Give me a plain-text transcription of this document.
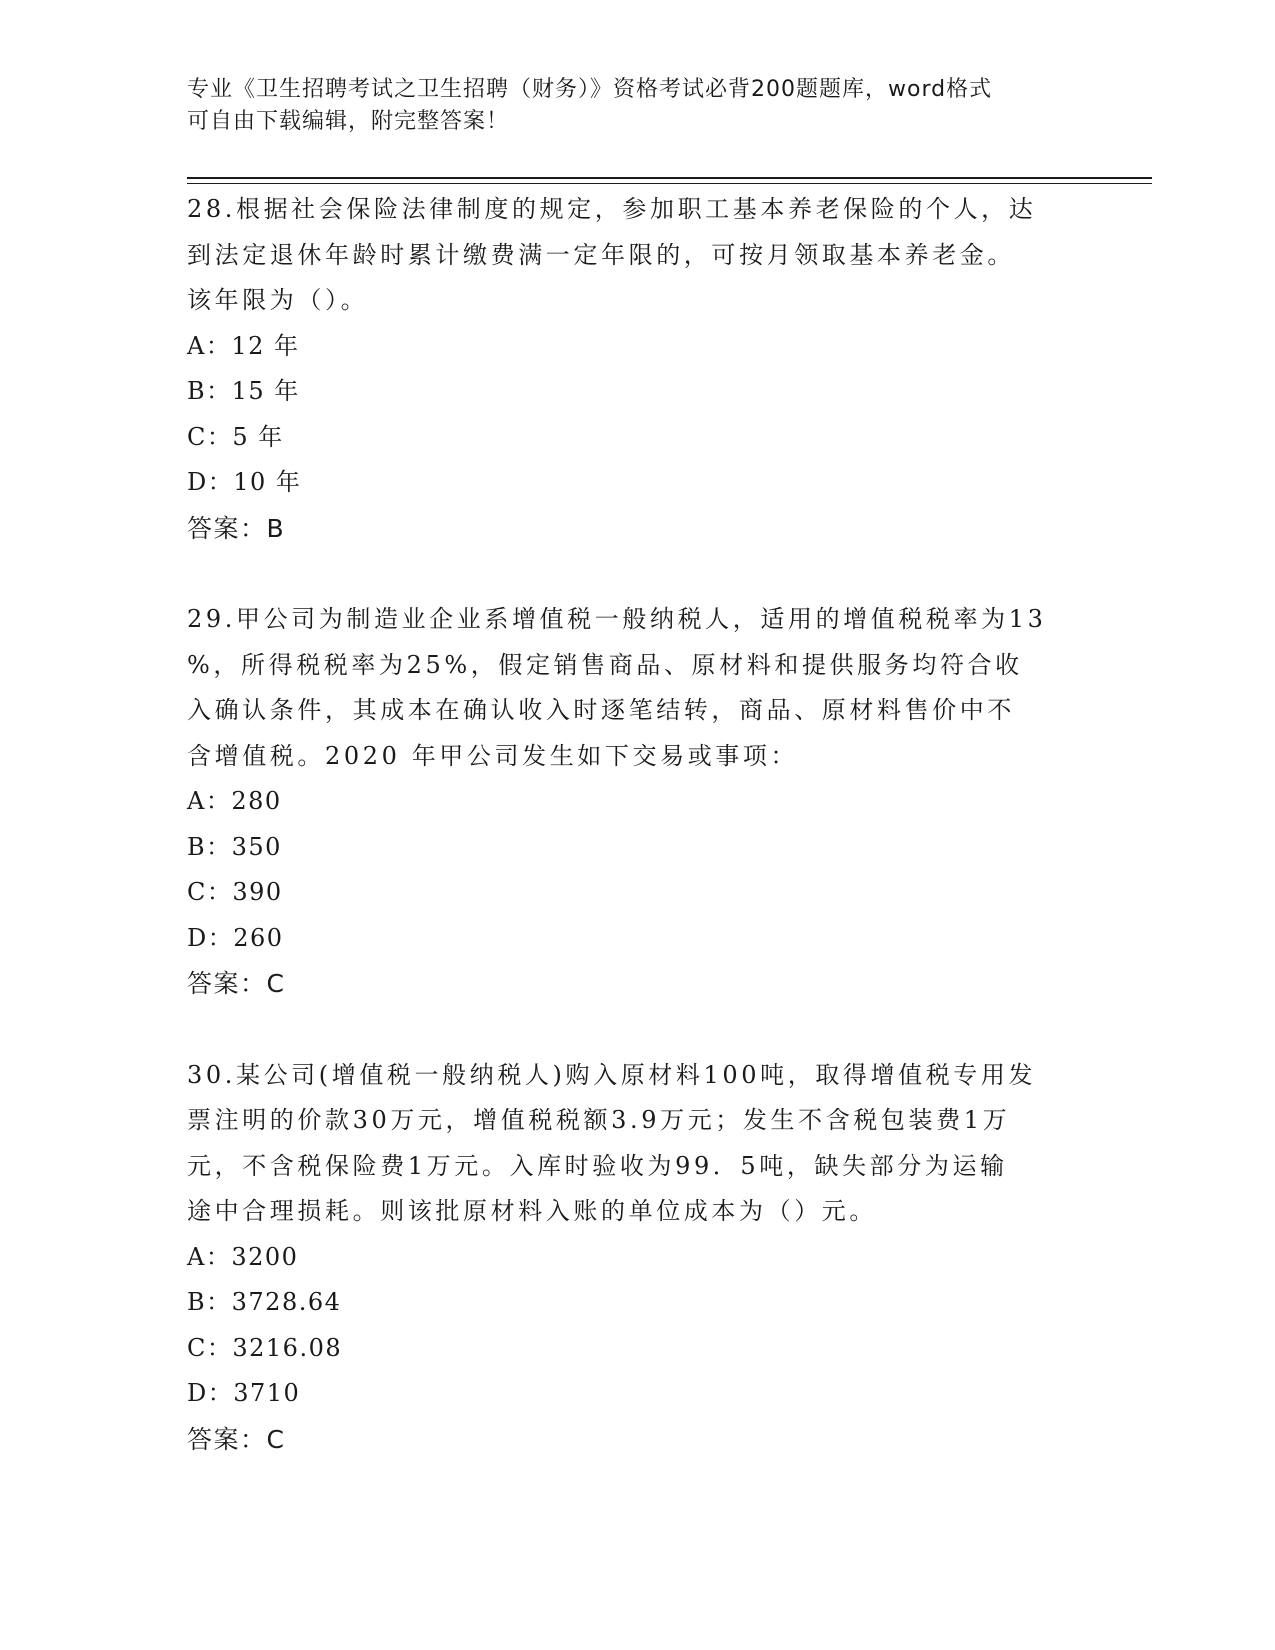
专业《卫生招聘考试之卫生招聘（财务）》资格考试必背200题题库，word格式
可自由下载编辑，附完整答案！
28.根据社会保险法律制度的规定，参加职工基本养老保险的个人，达
到法定退休年龄时累计缴费满一定年限的，可按月领取基本养老金。
该年限为（）。
A：12 年
B：15 年
C：5 年
D：10 年
答案：B
29.甲公司为制造业企业系增值税一般纳税人，适用的增值税税率为13
%，所得税税率为25%，假定销售商品、原材料和提供服务均符合收
入确认条件，其成本在确认收入时逐笔结转，商品、原材料售价中不
含增值税。2020 年甲公司发生如下交易或事项：
A：280
B：350
C：390
D：260
答案：C
30.某公司(增值税一般纳税人)购入原材料100吨，取得增值税专用发
票注明的价款30万元，增值税税额3.9万元；发生不含税包装费1万
元，不含税保险费1万元。入库时验收为99．5吨，缺失部分为运输
途中合理损耗。则该批原材料入账的单位成本为（）元。
A：3200
B：3728.64
C：3216.08
D：3710
答案：C
